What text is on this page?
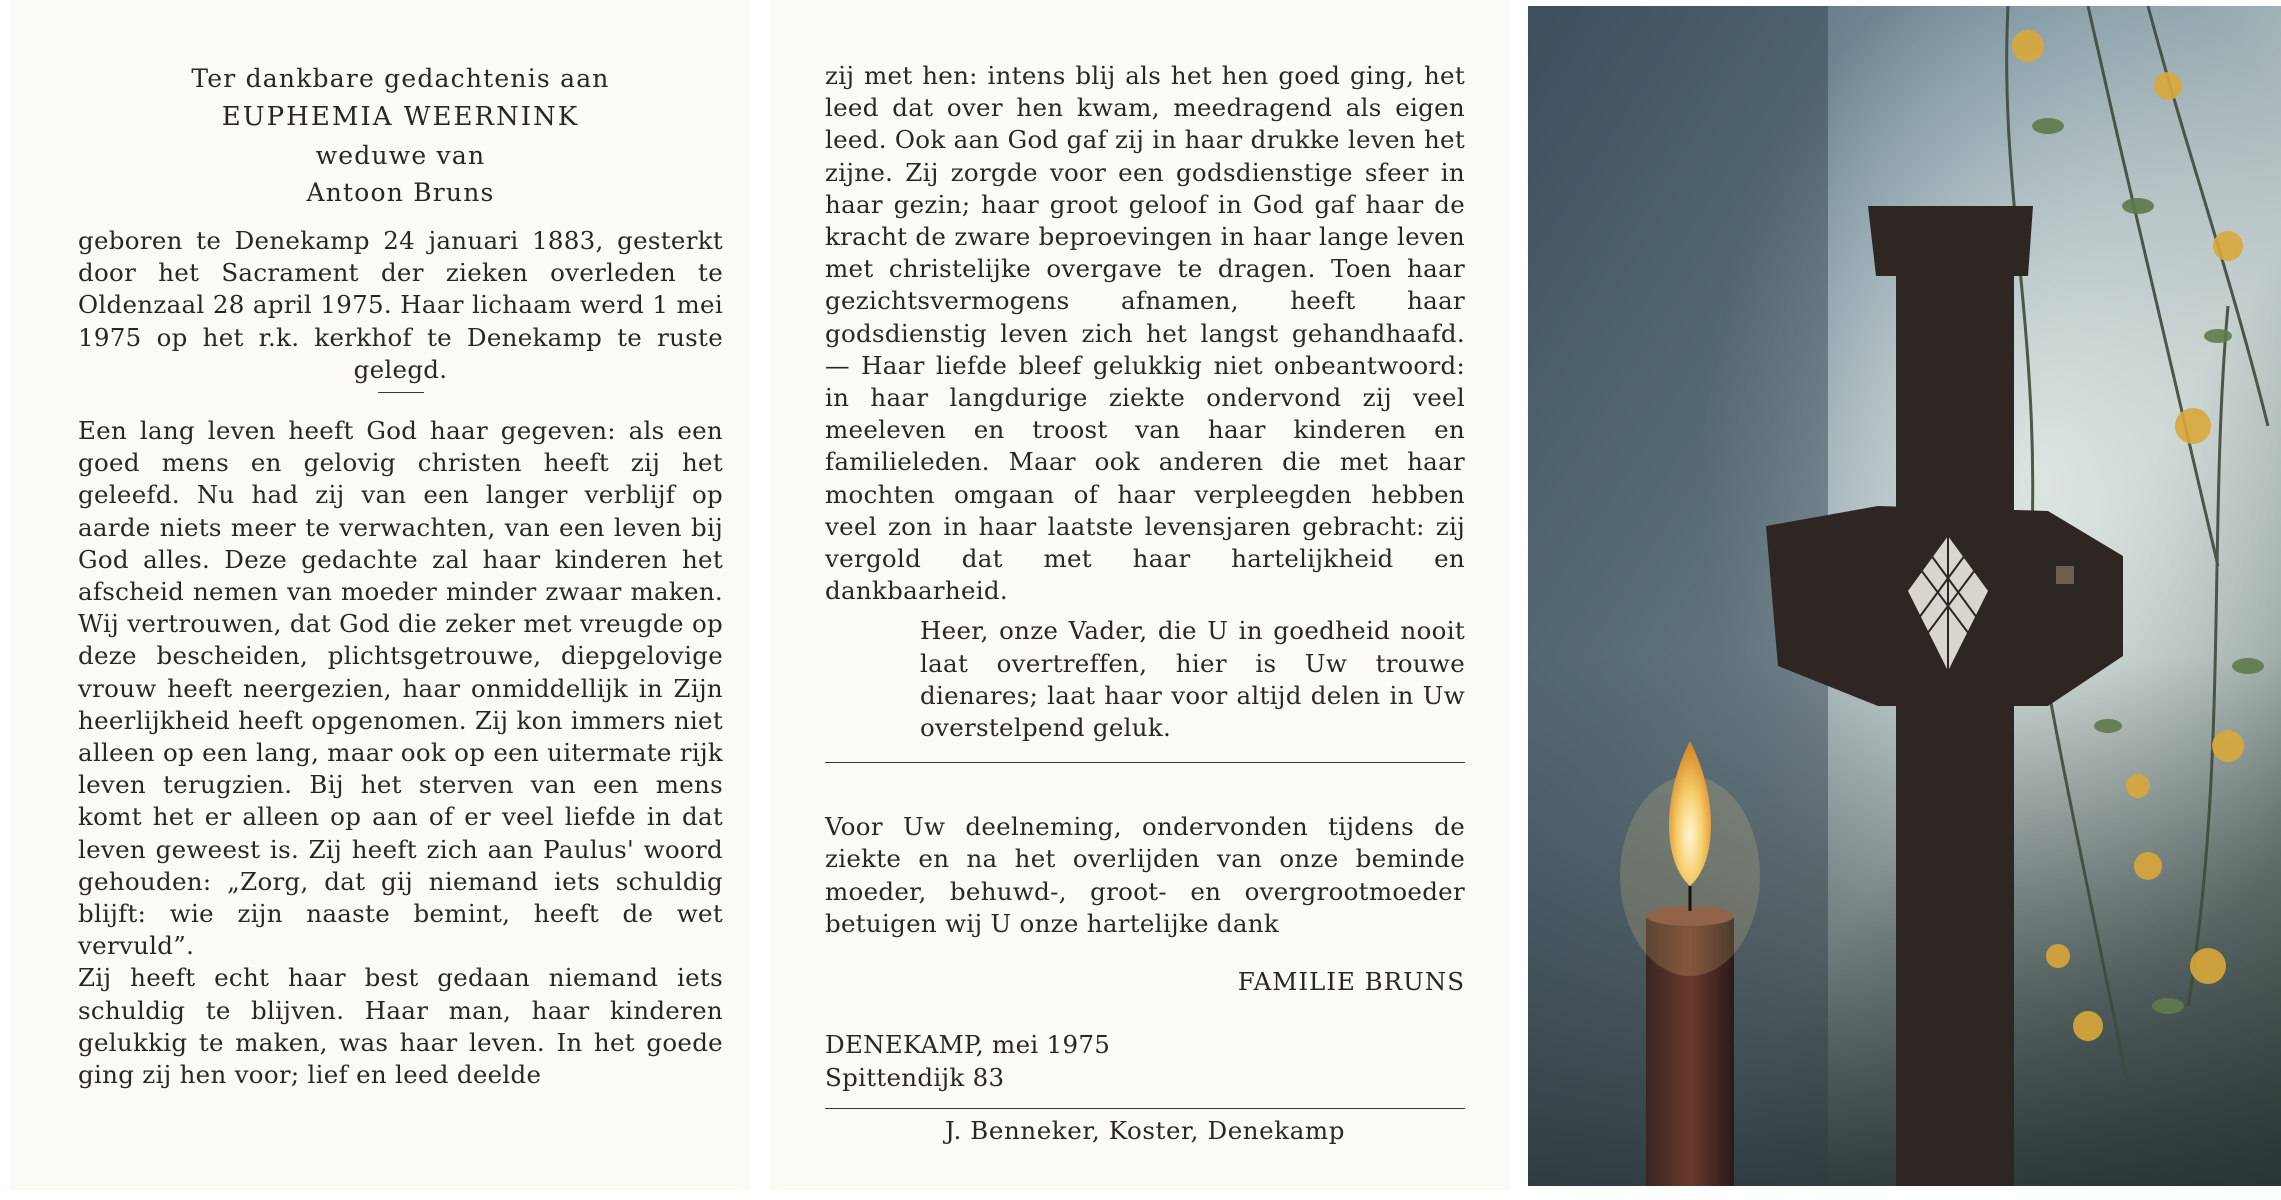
Ter dankbare gedachtenis aan
EUPHEMIA WEERNINK
weduwe van
Antoon Bruns

geboren te Denekamp 24 januari 1883, gesterkt door het Sacrament der zieken overleden te Oldenzaal 28 april 1975. Haar lichaam werd 1 mei 1975 op het r.k. kerkhof te Denekamp te ruste gelegd.

Een lang leven heeft God haar gegeven: als een goed mens en gelovig christen heeft zij het geleefd. Nu had zij van een langer verblijf op aarde niets meer te verwachten, van een leven bij God alles. Deze gedachte zal haar kinderen het afscheid nemen van moeder minder zwaar maken. Wij vertrouwen, dat God die zeker met vreugde op deze bescheiden, plichtsgetrouwe, diepgelovige vrouw heeft neergezien, haar onmiddellijk in Zijn heerlijkheid heeft opgenomen. Zij kon immers niet alleen op een lang, maar ook op een uitermate rijk leven terugzien. Bij het sterven van een mens komt het er alleen op aan of er veel liefde in dat leven geweest is. Zij heeft zich aan Paulus' woord gehouden: „Zorg, dat gij niemand iets schuldig blijft: wie zijn naaste bemint, heeft de wet vervuld”.

Zij heeft echt haar best gedaan niemand iets schuldig te blijven. Haar man, haar kinderen gelukkig te maken, was haar leven. In het goede ging zij hen voor; lief en leed deelde

zij met hen: intens blij als het hen goed ging, het leed dat over hen kwam, meedragend als eigen leed. Ook aan God gaf zij in haar drukke leven het zijne. Zij zorgde voor een godsdienstige sfeer in haar gezin; haar groot geloof in God gaf haar de kracht de zware beproevingen in haar lange leven met christelijke overgave te dragen. Toen haar gezichtsvermogens afnamen, heeft haar godsdienstig leven zich het langst gehandhaafd. — Haar liefde bleef gelukkig niet onbeantwoord: in haar langdurige ziekte ondervond zij veel meeleven en troost van haar kinderen en familieleden. Maar ook anderen die met haar mochten omgaan of haar verpleegden hebben veel zon in haar laatste levensjaren gebracht: zij vergold dat met haar hartelijkheid en dankbaarheid.

Heer, onze Vader, die U in goedheid nooit laat overtreffen, hier is Uw trouwe dienares; laat haar voor altijd delen in Uw overstelpend geluk.

Voor Uw deelneming, ondervonden tijdens de ziekte en na het overlijden van onze beminde moeder, behuwd-, groot- en overgrootmoeder betuigen wij U onze hartelijke dank

FAMILIE BRUNS
DENEKAMP, mei 1975
Spittendijk 83
J. Benneker, Koster, Denekamp
